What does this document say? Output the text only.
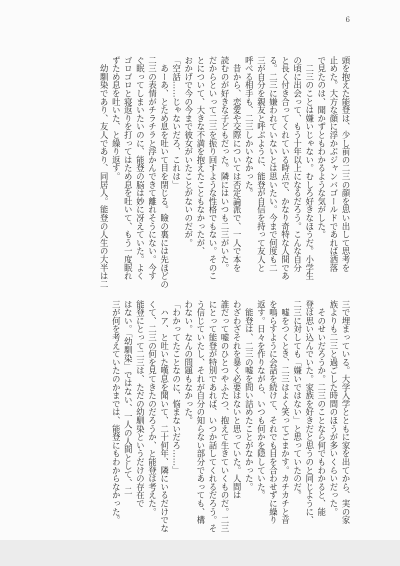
6

頭を抱えた能登は、少し前の二三の顔を思い出して思考を

止めた。大方な顔に浮かぶジャンバゴールドであれば洒落

で見たのは、聞かずともわかるような気がした。

　二三のことは嫌いじゃない。むしろ好きなほうだ。小学生

の頃に出会って、もう十年以上になるだろう。こんな自分

と長く付き合ってくれている時点で、かなり奇特な人間であ

る。二三に嫌われていないとは思いたい。今まで何度も二

三が自分を親友と呼ぶように、能登が自信を持って友人と

呼べる相手も、二三しかいなかった。

　昔から、恋愛や交際については否定論派で、一人で本を

読むのが好きな子どもだった。隣にはいつも二三がいた。

だからといって二三を振り回すような性格でもない。そのこ

とについて、大きな不満を抱えたこともなかったが、

おかげで今の今まで彼女がいたことがないのだが。

「空話……じゃないだろ、これは」

　あーあ、とため息を吐いて目を閉じる。瞼の裏には先ほどの

二三の表情がチラチラと浮かんできて離れそうにない。今す

ぐ眠ってしまいたいのに、能登の脳は妙に冴えていた。よく

ゴロゴロと寝返りを打ってはため息を吐いて、もう一度眠れ

ずため息を吐いた、と繰り返す。

　幼馴染であり、友人であり、同居人。能登の人生の大半は二

三で埋まっている。大学入学とともに家を出てから、実の家

族よりも二三と過ごした時間のほうが多いくらいだった。

　そのせいだろうか。二三のことなら何でもわかると、能

登は思い込んでいた。家族を好きだと思うのと同じように、

二三に対しても「嫌いではない」と思っていたのだ。

　嘘をつくとき、二三はよく笑ってごまかす。カチカチと音

を鳴らすように会話を続けて、それでも目を合わせずに繰り

返す。日々を作りながら、いつも何かを隠していた。

　能登は、二三の嘘を問い詰めたことがなかった。

わざわざそれを暴く必要はないと思っていた。人間は

誰だって嘘のひとつやふたつ、抱えて生きていくものだ。二三

にとって能登が特別であれば、いつか話してくれるだろう。そ

う信じていたし、それが自分の知らない部分であっても、構

わない。なんの問題もなかった。

「わかってたことなのに、悩まないだろ……」

　ハア、と吐いた嘆息を聞いて、二十何年、隣にいるだけでな

くて、二三の何を見てきたのだろうか、と能登は考えた。

能登にとって二三は、ただの幼馴染というだけの存在で

はない。「幼馴染」ではない、一人の人間として、二

三が何を考えていたのかまでは、能登にもわからなかった。
